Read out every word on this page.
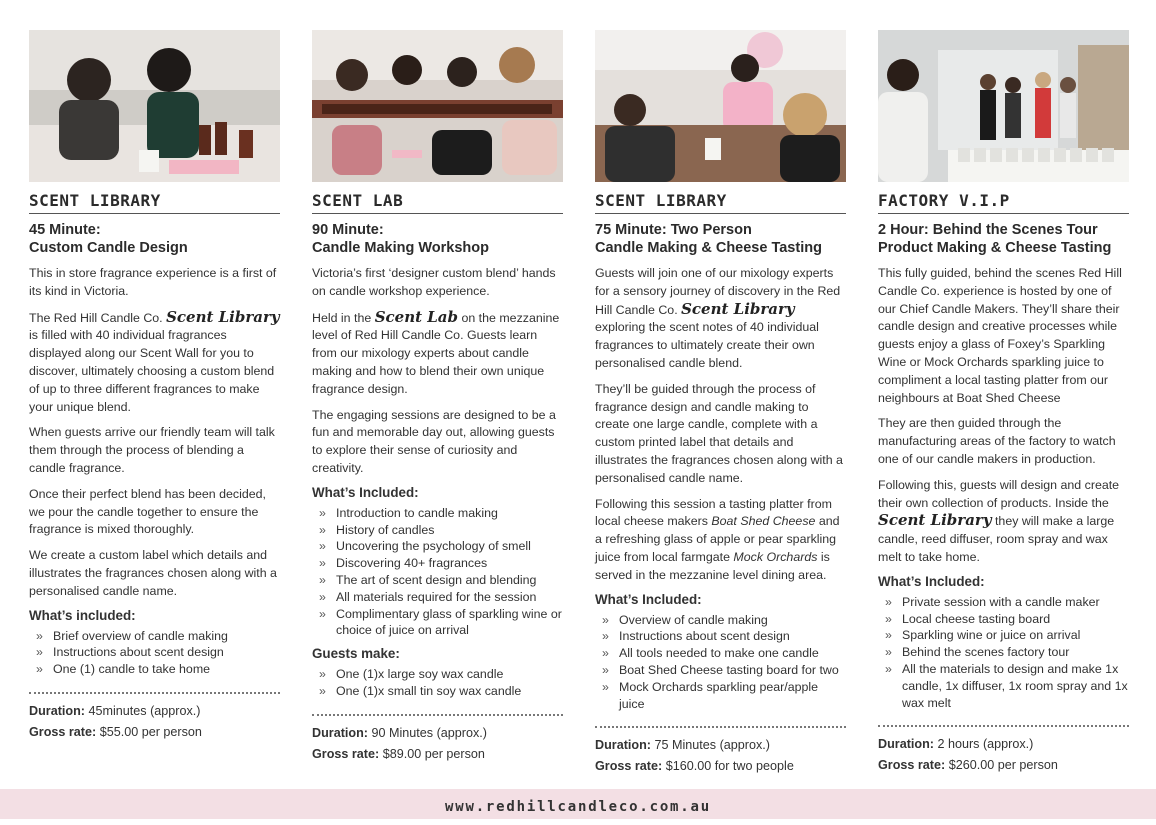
SCENT LIBRARY
45 Minute:
Custom Candle Design
This in store fragrance experience is a first of its kind in Victoria.
The Red Hill Candle Co. Scent Library is filled with 40 individual fragrances displayed along our Scent Wall for you to discover, ultimately choosing a custom blend of up to three different fragrances to make your unique blend.
When guests arrive our friendly team will talk them through the process of blending a candle fragrance.
Once their perfect blend has been decided, we pour the candle together to ensure the fragrance is mixed thoroughly.
We create a custom label which details and illustrates the fragrances chosen along with a personalised candle name.
What’s included:
» Brief overview of candle making
» Instructions about scent design
» One (1) candle to take home
Duration: 45minutes (approx.)
Gross rate: $55.00 per person
SCENT LAB
90 Minute:
Candle Making Workshop
Victoria’s first ‘designer custom blend’ hands on candle workshop experience.
Held in the Scent Lab on the mezzanine level of Red Hill Candle Co. Guests learn from our mixology experts about candle making and how to blend their own unique fragrance design.
The engaging sessions are designed to be a fun and memorable day out, allowing guests to explore their sense of curiosity and creativity.
What’s Included:
» Introduction to candle making
» History of candles
» Uncovering the psychology of smell
» Discovering 40+ fragrances
» The art of scent design and blending
» All materials required for the session
» Complimentary glass of sparkling wine or choice of juice on arrival
Guests make:
» One (1)x large soy wax candle
» One (1)x small tin soy wax candle
Duration: 90 Minutes (approx.)
Gross rate: $89.00 per person
SCENT LIBRARY
75 Minute: Two Person
Candle Making & Cheese Tasting
Guests will join one of our mixology experts for a sensory journey of discovery in the Red Hill Candle Co. Scent Library exploring the scent notes of 40 individual fragrances to ultimately create their own personalised candle blend.
They’ll be guided through the process of fragrance design and candle making to create one large candle, complete with a custom printed label that details and illustrates the fragrances chosen along with a personalised candle name.
Following this session a tasting platter from local cheese makers Boat Shed Cheese and a refreshing glass of apple or pear sparkling juice from local farmgate Mock Orchards is served in the mezzanine level dining area.
What’s Included:
» Overview of candle making
» Instructions about scent design
» All tools needed to make one candle
» Boat Shed Cheese tasting board for two
» Mock Orchards sparkling pear/apple juice
Duration: 75 Minutes (approx.)
Gross rate: $160.00 for two people
FACTORY V.I.P
2 Hour: Behind the Scenes Tour
Product Making & Cheese Tasting
This fully guided, behind the scenes Red Hill Candle Co. experience is hosted by one of our Chief Candle Makers. They’ll share their candle design and creative processes while guests enjoy a glass of Foxey’s Sparkling Wine or Mock Orchards sparkling juice to compliment a local tasting platter from our neighbours at Boat Shed Cheese
They are then guided through the manufacturing areas of the factory to watch one of our candle makers in production.
Following this, guests will design and create their own collection of products. Inside the Scent Library they will make a large candle, reed diffuser, room spray and wax melt to take home.
What’s Included:
» Private session with a candle maker
» Local cheese tasting board
» Sparkling wine or juice on arrival
» Behind the scenes factory tour
» All the materials to design and make 1x candle, 1x diffuser, 1x room spray and 1x wax melt
Duration: 2 hours (approx.)
Gross rate: $260.00 per person
www.redhillcandleco.com.au
